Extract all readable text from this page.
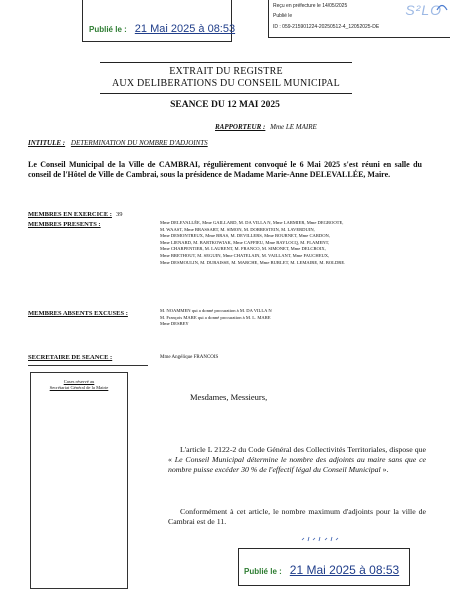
Publié le : 21 Mai 2025 à 08:53
Reçu en préfecture le 14/05/2025
Publié le
ID : 059-215901224-20250512-4_12052025-DE
S²LO
EXTRAIT DU REGISTRE
AUX DELIBERATIONS DU CONSEIL MUNICIPAL
SEANCE DU 12 MAI 2025
RAPPORTEUR : Mme LE MAIRE
INTITULE : DETERMINATION DU NOMBRE D'ADJOINTS
Le Conseil Municipal de la Ville de CAMBRAI, régulièrement convoqué le 6 Mai 2025 s'est réuni en salle du conseil de l'Hôtel de Ville de Cambrai, sous la présidence de Madame Marie-Anne DELEVALLÉE, Maire.
MEMBRES EN EXERCICE : 39
MEMBRES PRESENTS :	Mme DELEVALLÉE, Mme GAILLARD, M. DA VILLA N, Mme LARMIER, Mme DEGROOTE,
M. WAAST, Mme BRASSART, M. SIMON, M. DORRESTEIN, M. LAVERDUIN,
Mme DEMONTREUX, Mme BRAS, M. DEVILLERS, Mme BOURNET, Mme CARDON,
Mme LIENARD, M. BARTKOWIAK, Mme CAFFIEU, Mme BAYLOCQ, M. FLAMENT,
Mme CHARPENTIER, M. LAURENT, M. FRANCO, M. SIMONET, Mme DELCROIX,
Mme BRETHOUT, M. SEGUIN, Mme CHATELAIN, M. VAILLANT, Mme FAUCHEUX,
Mme DESMOULIN, M. DUBAISSE, M. MARCHE, Mme BURLET, M. LEMAIRE, M. BOLDRE.
MEMBRES ABSENTS EXCUSES :	M. NOAMMEN qui a donné procuration à M. DA VILLA N
M. François MARE qui a donné procuration à M. L. MARE
Mme DESBEY
SECRETAIRE DE SEANCE :	Mme Angélique FRANCOIS
Cases réservé au
Secrétariat Général de la Mairie
Mesdames, Messieurs,
L'article L 2122-2 du Code Général des Collectivités Territoriales, dispose que « Le Conseil Municipal détermine le nombre des adjoints au maire sans que ce nombre puisse excéder 30 % de l'effectif légal du Conseil Municipal ».
Conformément à cet article, le nombre maximum d'adjoints pour la ville de Cambrai est de 11.
Publié le : 21 Mai 2025 à 08:53
